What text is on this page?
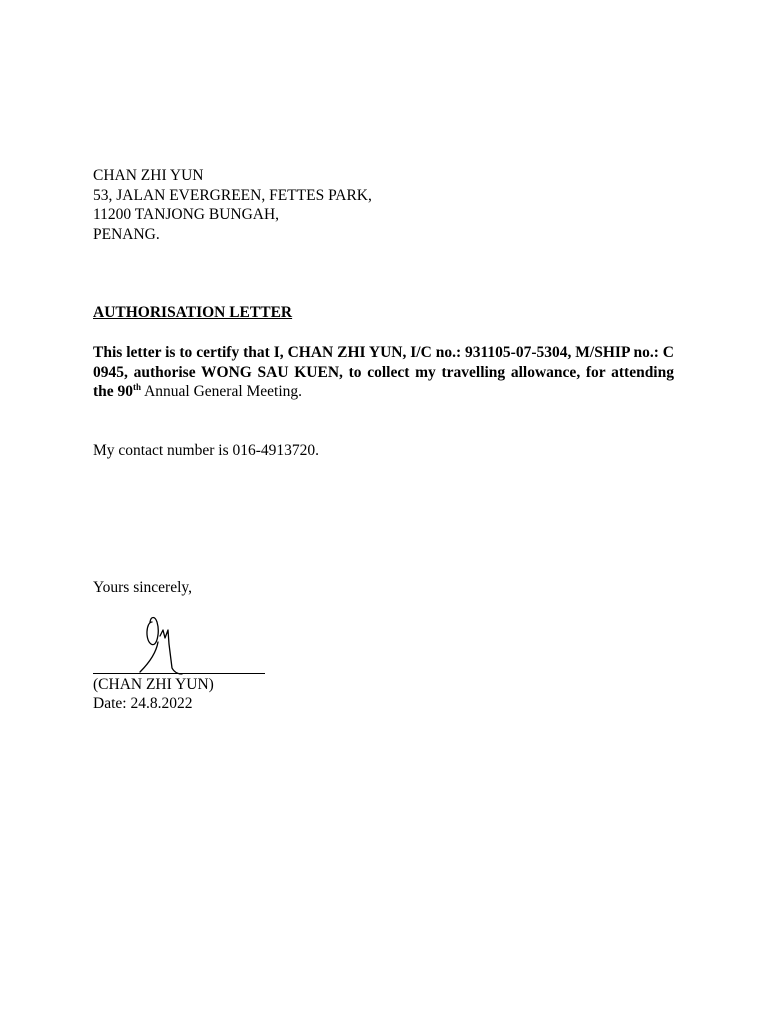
CHAN ZHI YUN
53, JALAN EVERGREEN, FETTES PARK,
11200 TANJONG BUNGAH,
PENANG.
AUTHORISATION LETTER
This letter is to certify that I, CHAN ZHI YUN, I/C no.: 931105-07-5304, M/SHIP no.: C 0945, authorise WONG SAU KUEN, to collect my travelling allowance, for attending the 90th Annual General Meeting.
My contact number is 016-4913720.
Yours sincerely,
(CHAN ZHI YUN)
Date: 24.8.2022
